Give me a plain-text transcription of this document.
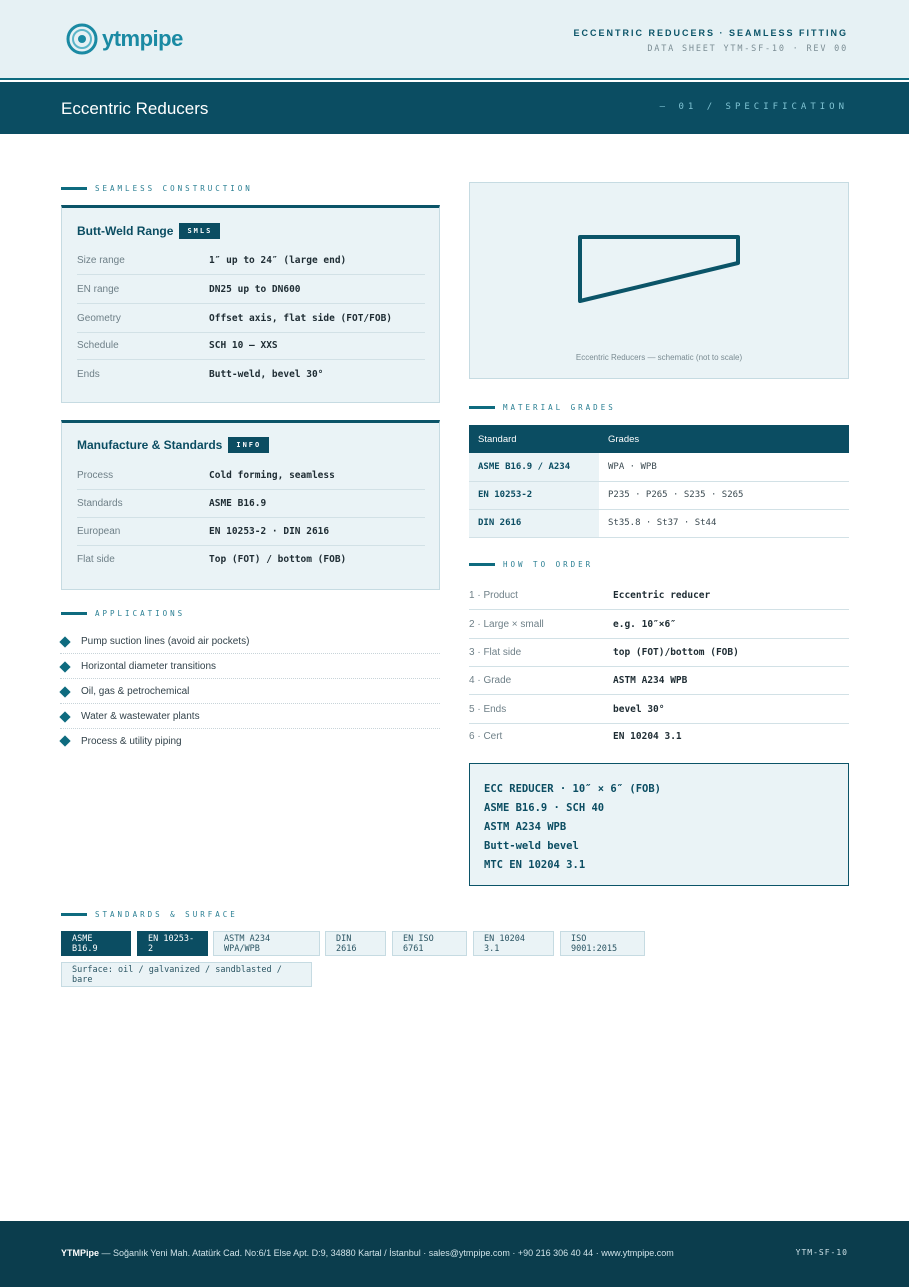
ytmpipe	ECCENTRIC REDUCERS · SEAMLESS FITTING
DATA SHEET YTM-SF-10 · REV 00
Eccentric Reducers	— 01 / SPECIFICATION
SEAMLESS CONSTRUCTION
Butt-Weld Range	SMLS
Size range	1″ up to 24″ (large end)
EN range	DN25 up to DN600
Geometry	Offset axis, flat side (FOT/FOB)
Schedule	SCH 10 – XXS
Ends	Butt-weld, bevel 30°
Manufacture & Standards	INFO
Process	Cold forming, seamless
Standards	ASME B16.9
European	EN 10253-2 · DIN 2616
Flat side	Top (FOT) / bottom (FOB)
APPLICATIONS
Pump suction lines (avoid air pockets)
Horizontal diameter transitions
Oil, gas & petrochemical
Water & wastewater plants
Process & utility piping
Eccentric Reducers — schematic (not to scale)
MATERIAL GRADES
Standard	Grades
ASME B16.9 / A234	WPA · WPB
EN 10253-2	P235 · P265 · S235 · S265
DIN 2616	St35.8 · St37 · St44
HOW TO ORDER
1 · Product	Eccentric reducer
2 · Large × small	e.g. 10″×6″
3 · Flat side	top (FOT)/bottom (FOB)
4 · Grade	ASTM A234 WPB
5 · Ends	bevel 30°
6 · Cert	EN 10204 3.1
ECC REDUCER · 10″ × 6″ (FOB)
ASME B16.9 · SCH 40
ASTM A234 WPB
Butt-weld bevel
MTC EN 10204 3.1
STANDARDS & SURFACE
ASME B16.9
EN 10253-2
ASTM A234 WPA/WPB
DIN 2616
EN ISO 6761
EN 10204 3.1
ISO 9001:2015
Surface: oil / galvanized / sandblasted / bare
YTMPipe — Soğanlık Yeni Mah. Atatürk Cad. No:6/1 Else Apt. D:9, 34880 Kartal / İstanbul · sales@ytmpipe.com · +90 216 306 40 44 · www.ytmpipe.com	YTM-SF-10
